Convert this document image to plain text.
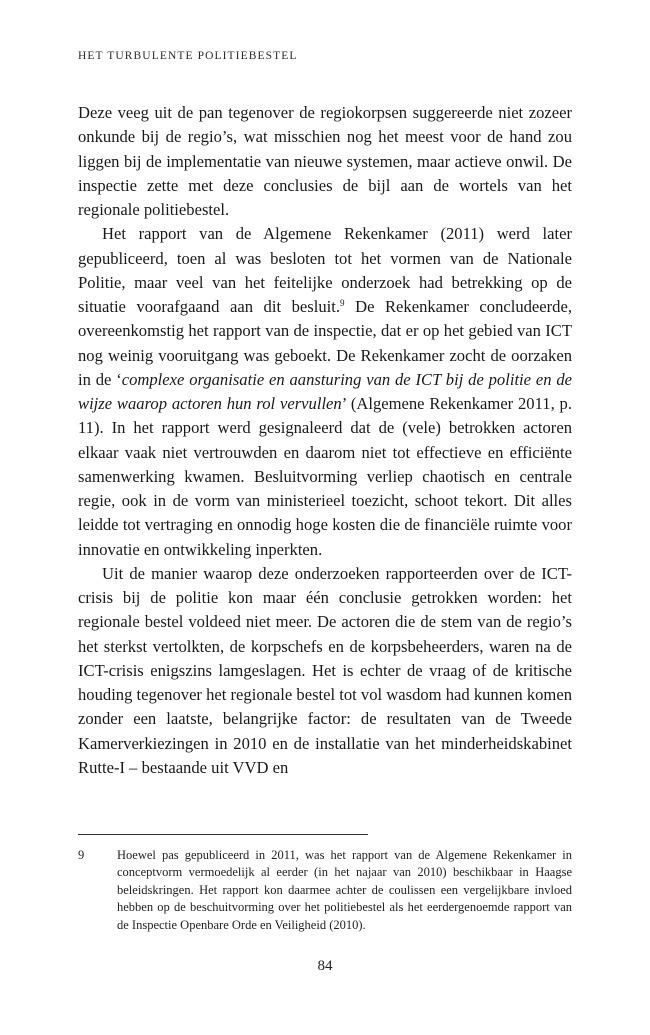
HET TURBULENTE POLITIEBESTEL

Deze veeg uit de pan tegenover de regiokorpsen suggereerde niet zozeer onkunde bij de regio’s, wat misschien nog het meest voor de hand zou liggen bij de implementatie van nieuwe systemen, maar actieve onwil. De inspectie zette met deze conclusies de bijl aan de wortels van het regionale politiebestel.

Het rapport van de Algemene Rekenkamer (2011) werd later gepubliceerd, toen al was besloten tot het vormen van de Nationale Politie, maar veel van het feitelijke onderzoek had betrekking op de situatie voorafgaand aan dit besluit.$^9$ De Rekenkamer concludeerde, overeenkomstig het rapport van de inspectie, dat er op het gebied van ICT nog weinig vooruitgang was geboekt. De Rekenkamer zocht de oorzaken in de ‘complexe organisatie en aansturing van de ICT bij de politie en de wijze waarop actoren hun rol vervullen’ (Algemene Rekenkamer 2011, p. 11). In het rapport werd gesignaleerd dat de (vele) betrokken actoren elkaar vaak niet vertrouwden en daarom niet tot effectieve en efficiënte samenwerking kwamen. Besluitvorming verliep chaotisch en centrale regie, ook in de vorm van ministerieel toezicht, schoot tekort. Dit alles leidde tot vertraging en onnodig hoge kosten die de financiële ruimte voor innovatie en ontwikkeling inperkten.

Uit de manier waarop deze onderzoeken rapporteerden over de ICT-crisis bij de politie kon maar één conclusie getrokken worden: het regionale bestel voldeed niet meer. De actoren die de stem van de regio’s het sterkst vertolkten, de korpschefs en de korpsbeheerders, waren na de ICT-crisis enigszins lamgeslagen. Het is echter de vraag of de kritische houding tegenover het regionale bestel tot vol wasdom had kunnen komen zonder een laatste, belangrijke factor: de resultaten van de Tweede Kamerverkiezingen in 2010 en de installatie van het minderheidskabinet Rutte-I – bestaande uit VVD en

9	Hoewel pas gepubliceerd in 2011, was het rapport van de Algemene Rekenkamer in conceptvorm vermoedelijk al eerder (in het najaar van 2010) beschikbaar in Haagse beleidskringen. Het rapport kon daarmee achter de coulissen een vergelijkbare invloed hebben op de beschuitvorming over het politiebestel als het eerdergenoemde rapport van de Inspectie Openbare Orde en Veiligheid (2010).
84
